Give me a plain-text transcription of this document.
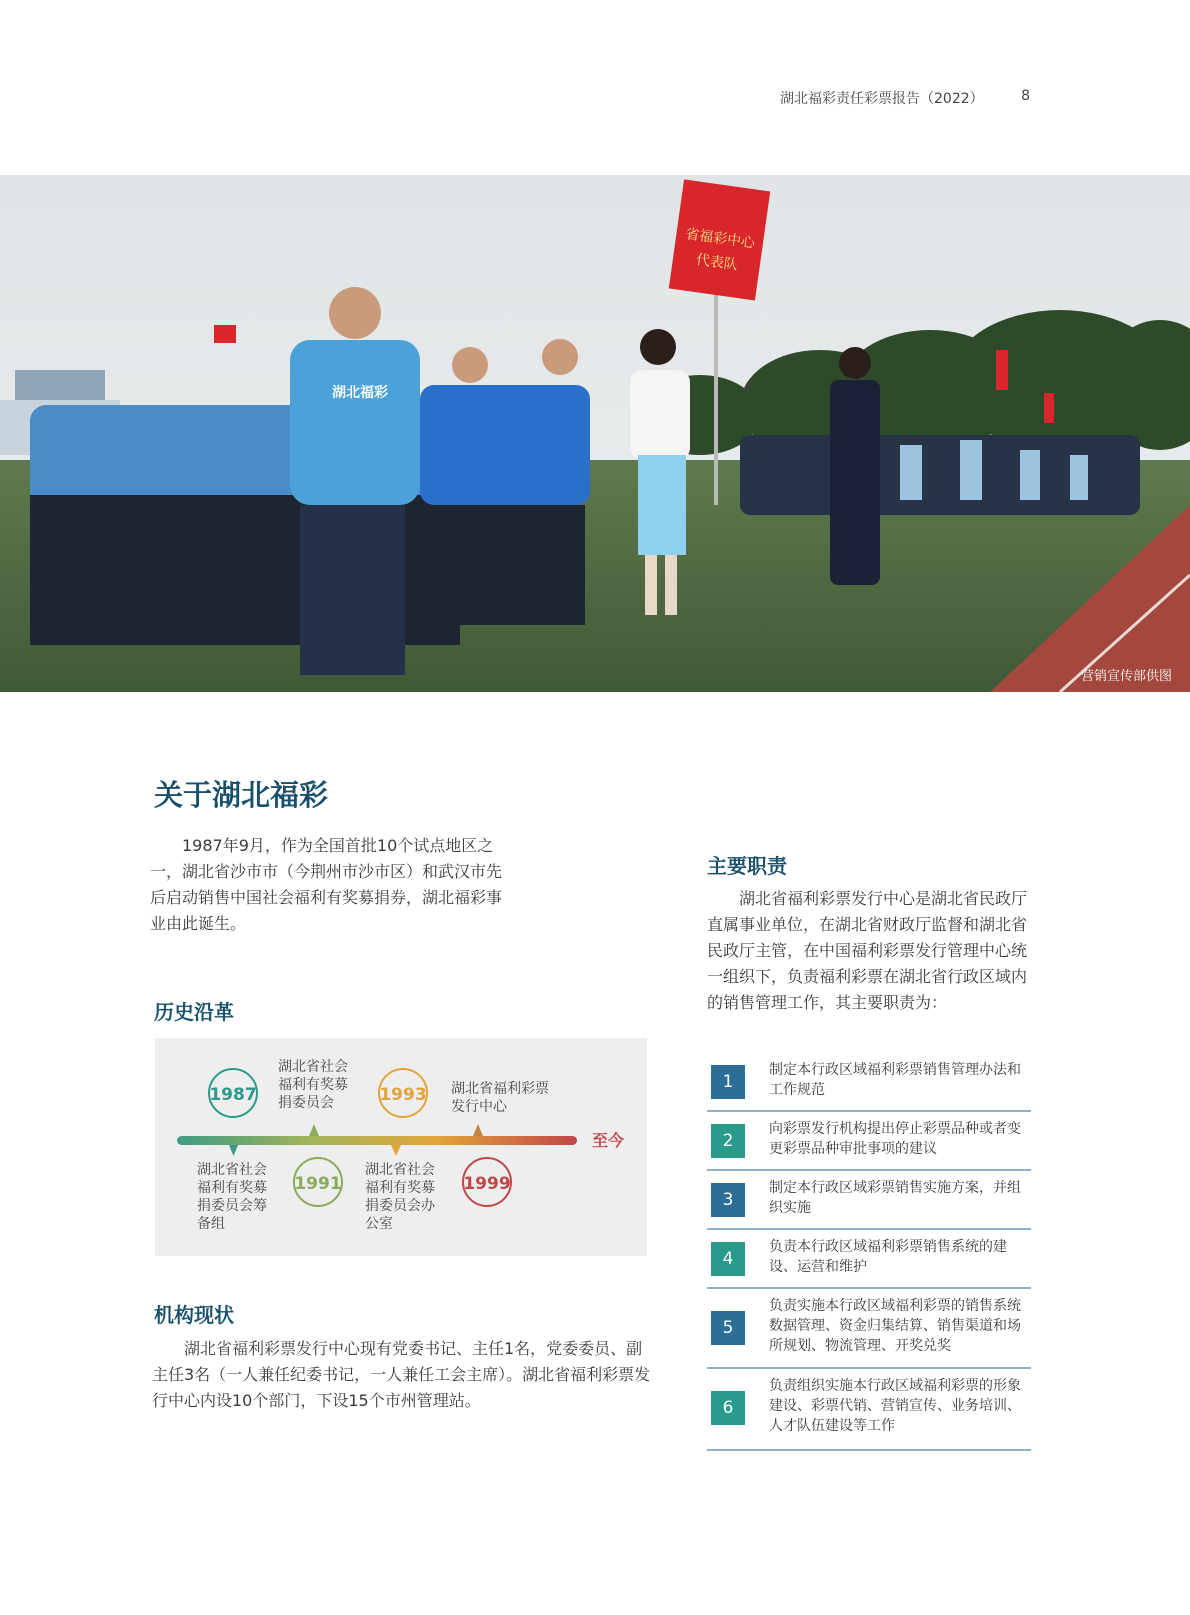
湖北福彩责任彩票报告（2022）	8
省福彩中心
代表队
湖北福彩
营销宣传部供图
关于湖北福彩

1987年9月，作为全国首批10个试点地区之一，湖北省沙市市（今荆州市沙市区）和武汉市先后启动销售中国社会福利有奖募捐券，湖北福彩事业由此诞生。

历史沿革
1987
湖北省社会
福利有奖募
捐委员会	1993 湖北省福利彩票
发行中心
至今
1991
湖北省社会
福利有奖募
捐委员会筹
备组
1999
湖北省社会
福利有奖募
捐委员会办
公室
机构现状

湖北省福利彩票发行中心现有党委书记、主任1名，党委委员、副主任3名（一人兼任纪委书记，一人兼任工会主席）。湖北省福利彩票发行中心内设10个部门，下设15个市州管理站。

主要职责

湖北省福利彩票发行中心是湖北省民政厅直属事业单位，在湖北省财政厅监督和湖北省民政厅主管，在中国福利彩票发行管理中心统一组织下，负责福利彩票在湖北省行政区域内的销售管理工作，其主要职责为：

1
制定本行政区域福利彩票销售管理办法和工作规范
2
向彩票发行机构提出停止彩票品种或者变更彩票品种审批事项的建议
3
制定本行政区域彩票销售实施方案，并组织实施
4
负责本行政区域福利彩票销售系统的建设、运营和维护
5
负责实施本行政区域福利彩票的销售系统数据管理、资金归集结算、销售渠道和场所规划、物流管理、开奖兑奖
6
负责组织实施本行政区域福利彩票的形象建设、彩票代销、营销宣传、业务培训、人才队伍建设等工作
